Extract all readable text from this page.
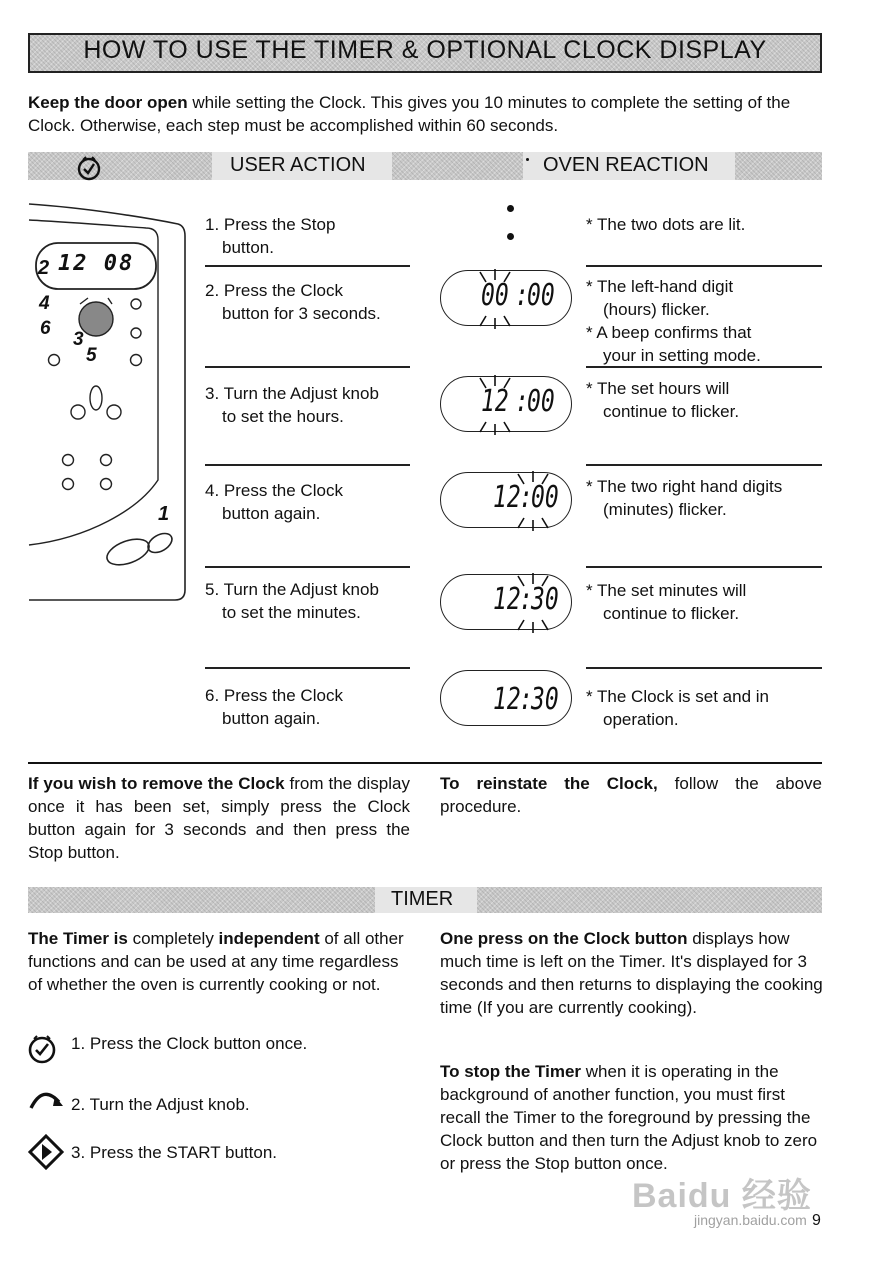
HOW TO USE THE TIMER & OPTIONAL CLOCK DISPLAY
Keep the door open while setting the Clock. This gives you 10 minutes to complete the setting of the Clock. Otherwise, each step must be accomplished within 60 seconds.
USER ACTION	OVEN REACTION
12 08
2
4
6
3
5
1
1. Press the Stop
button.
2. Press the Clock
button for 3 seconds.
3. Turn the Adjust knob
to set the hours.
4. Press the Clock
button again.
5. Turn the Adjust knob
to set the minutes.
6. Press the Clock
button again.
00 :
00
12 :
00
12
:
00
12
:
30
12
:
30
* The two dots are lit.
* The left-hand digit
(hours) flicker.
* A beep confirms that
your in setting mode.
* The set hours will
continue to flicker.
* The two right hand digits
(minutes) flicker.
* The set minutes will
continue to flicker.
* The Clock is set and in
operation.
If you wish to remove the Clock from the display once it has been set, simply press the Clock button again for 3 seconds and then press the Stop button.
To reinstate the Clock, follow the above procedure.
TIMER
The Timer is completely independent of all other functions and can be used at any time regardless of whether the oven is currently cooking or not.
1. Press the Clock button once.
2. Turn the Adjust knob.
3. Press the START button.
One press on the Clock button displays how much time is left on the Timer. It's displayed for 3 seconds and then returns to displaying the cooking time (If you are currently cooking).
To stop the Timer when it is operating in the background of another function, you must first recall the Timer to the foreground by pressing the Clock button and then turn the Adjust knob to zero or press the Stop button once.
Baidu 经验
jingyan.baidu.com 9
